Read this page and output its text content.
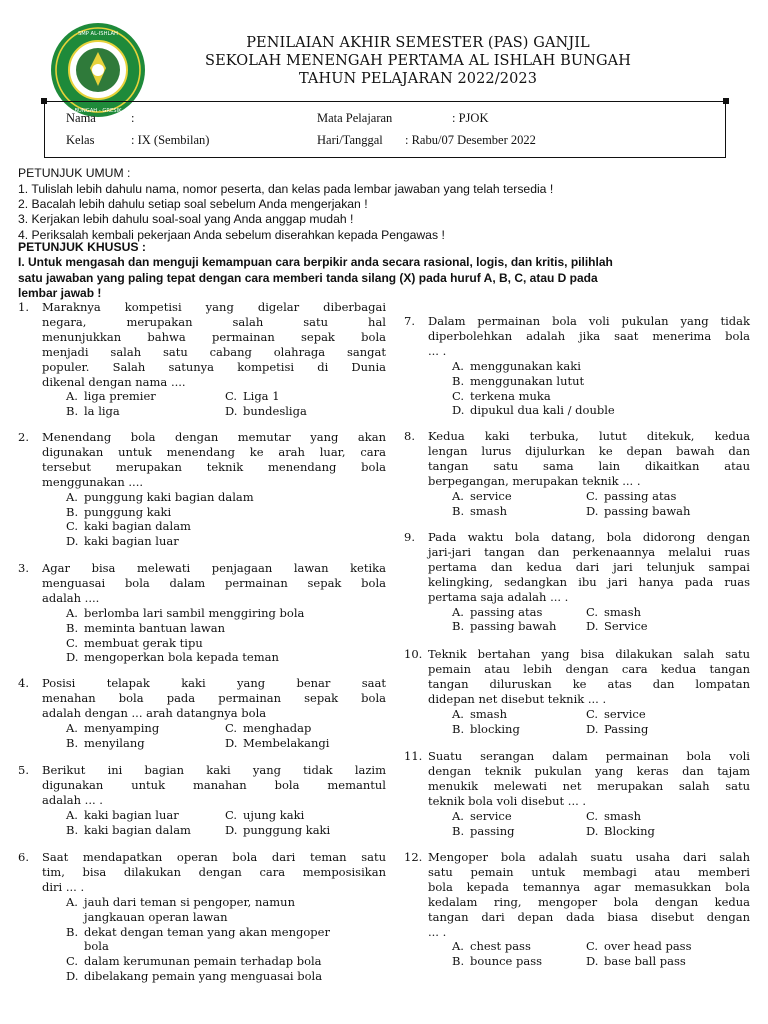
SMP AL-ISHLAH
BUNGAH - GRESIK
PENILAIAN AKHIR SEMESTER (PAS) GANJIL
SEKOLAH MENENGAH PERTAMA AL ISHLAH BUNGAH
TAHUN PELAJARAN 2022/2023
Nama	:
Kelas	: IX (Sembilan)
Mata Pelajaran	: PJOK
Hari/Tanggal : Rabu/07 Desember 2022
PETUNJUK UMUM :
1. Tulislah lebih dahulu nama, nomor peserta, dan kelas pada lembar jawaban yang telah tersedia !
2. Bacalah lebih dahulu setiap soal sebelum Anda mengerjakan !
3. Kerjakan lebih dahulu soal-soal yang Anda anggap mudah !
4. Periksalah kembali pekerjaan Anda sebelum diserahkan kepada Pengawas !
PETUNJUK KHUSUS :
I. Untuk mengasah dan menguji kemampuan cara berpikir anda secara rasional, logis, dan kritis, pilihlah
satu jawaban yang paling tepat dengan cara memberi tanda silang (X) pada huruf A, B, C, atau D pada
lembar jawab !
1. Maraknya kompetisi yang digelar diberbagai
negara, merupakan salah satu hal
menunjukkan bahwa permainan sepak bola
menjadi salah satu cabang olahraga sangat
populer. Salah satunya kompetisi di Dunia
dikenal dengan nama ....
A. liga premier	C. Liga 1
B. la liga	D. bundesliga
2. Menendang bola dengan memutar yang akan
digunakan untuk menendang ke arah luar, cara
tersebut merupakan teknik menendang bola
menggunakan ....
A. punggung kaki bagian dalam
B. punggung kaki
C. kaki bagian dalam
D. kaki bagian luar
3. Agar bisa melewati penjagaan lawan ketika
menguasai bola dalam permainan sepak bola
adalah ....
A. berlomba lari sambil menggiring bola
B. meminta bantuan lawan
C. membuat gerak tipu
D. mengoperkan bola kepada teman
4. Posisi telapak kaki yang benar saat
menahan bola pada permainan sepak bola
adalah dengan ... arah datangnya bola
A. menyamping	C. menghadap
B. menyilang	D. Membelakangi
5. Berikut ini bagian kaki yang tidak lazim
digunakan untuk manahan bola memantul
adalah ... .
A. kaki bagian luar	C. ujung kaki
B. kaki bagian dalam	D. punggung kaki
6. Saat mendapatkan operan bola dari teman satu
tim, bisa dilakukan dengan cara memposisikan
diri ... .
A. jauh dari teman si pengoper, namun
jangkauan operan lawan
B. dekat dengan teman yang akan mengoper
bola
C. dalam kerumunan pemain terhadap bola
D. dibelakang pemain yang menguasai bola
7. Dalam permainan bola voli pukulan yang tidak
diperbolehkan adalah jika saat menerima bola
... .
A. menggunakan kaki
B. menggunakan lutut
C. terkena muka
D. dipukul dua kali / double
8. Kedua kaki terbuka, lutut ditekuk, kedua
lengan lurus dijulurkan ke depan bawah dan
tangan satu sama lain dikaitkan atau
berpegangan, merupakan teknik ... .
A. service	C. passing atas
B. smash	D. passing bawah
9. Pada waktu bola datang, bola didorong dengan
jari-jari tangan dan perkenaannya melalui ruas
pertama dan kedua dari jari telunjuk sampai
kelingking, sedangkan ibu jari hanya pada ruas
pertama saja adalah ... .
A. passing atas	C. smash
B. passing bawah	D. Service
10. Teknik bertahan yang bisa dilakukan salah satu
pemain atau lebih dengan cara kedua tangan
tangan diluruskan ke atas dan lompatan
didepan net disebut teknik ... .
A. smash	C. service
B. blocking	D. Passing
11. Suatu serangan dalam permainan bola voli
dengan teknik pukulan yang keras dan tajam
menukik melewati net merupakan salah satu
teknik bola voli disebut ... .
A. service	C. smash
B. passing	D. Blocking
12. Mengoper bola adalah suatu usaha dari salah
satu pemain untuk membagi atau memberi
bola kepada temannya agar memasukkan bola
kedalam ring, mengoper bola dengan kedua
tangan dari depan dada biasa disebut dengan
... .
A. chest pass	C. over head pass
B. bounce pass	D. base ball pass
